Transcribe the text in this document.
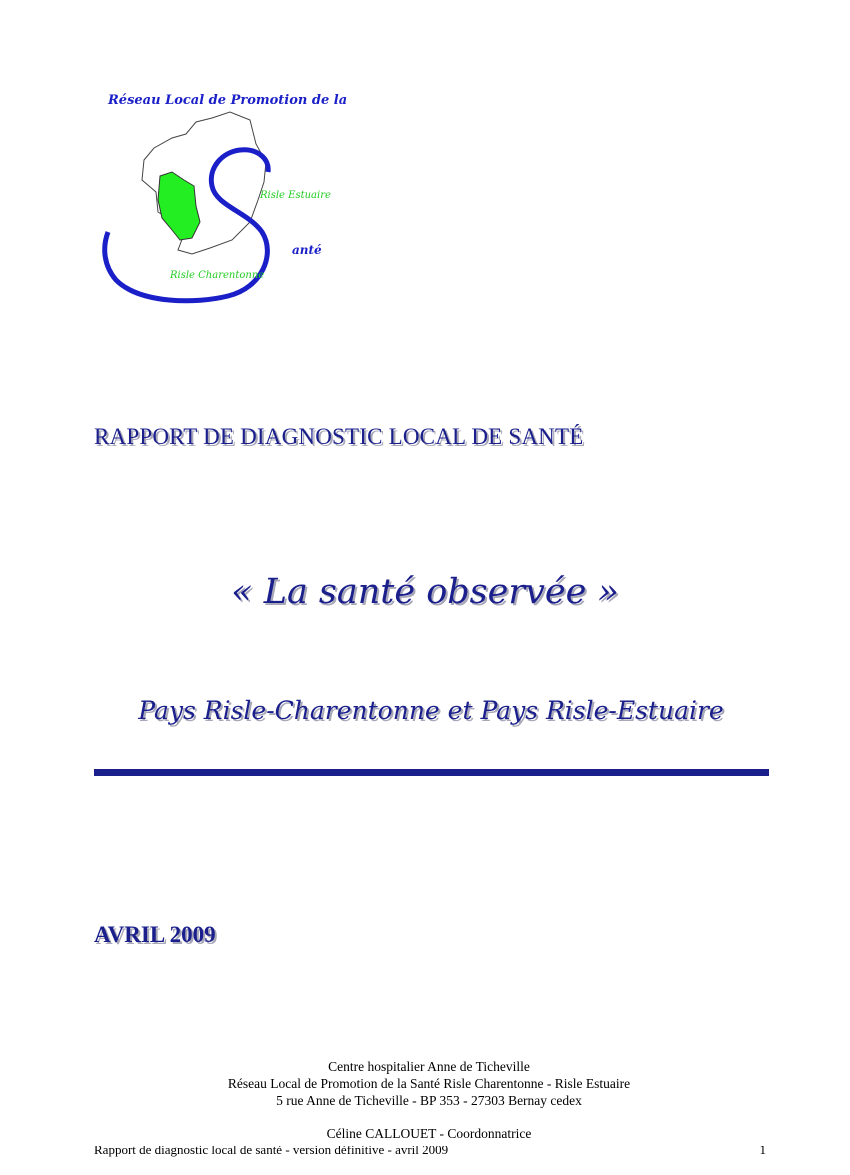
Réseau Local de Promotion de la
Risle Estuaire
anté
Risle Charentonne
RAPPORT DE DIAGNOSTIC LOCAL DE SANTÉ
« La santé observée »
Pays Risle-Charentonne et Pays Risle-Estuaire
AVRIL 2009
Centre hospitalier Anne de Ticheville
Réseau Local de Promotion de la Santé Risle Charentonne - Risle Estuaire
5 rue Anne de Ticheville - BP 353 - 27303 Bernay cedex
Céline CALLOUET - Coordonnatrice
Rapport de diagnostic local de santé - version définitive - avril 2009	1
